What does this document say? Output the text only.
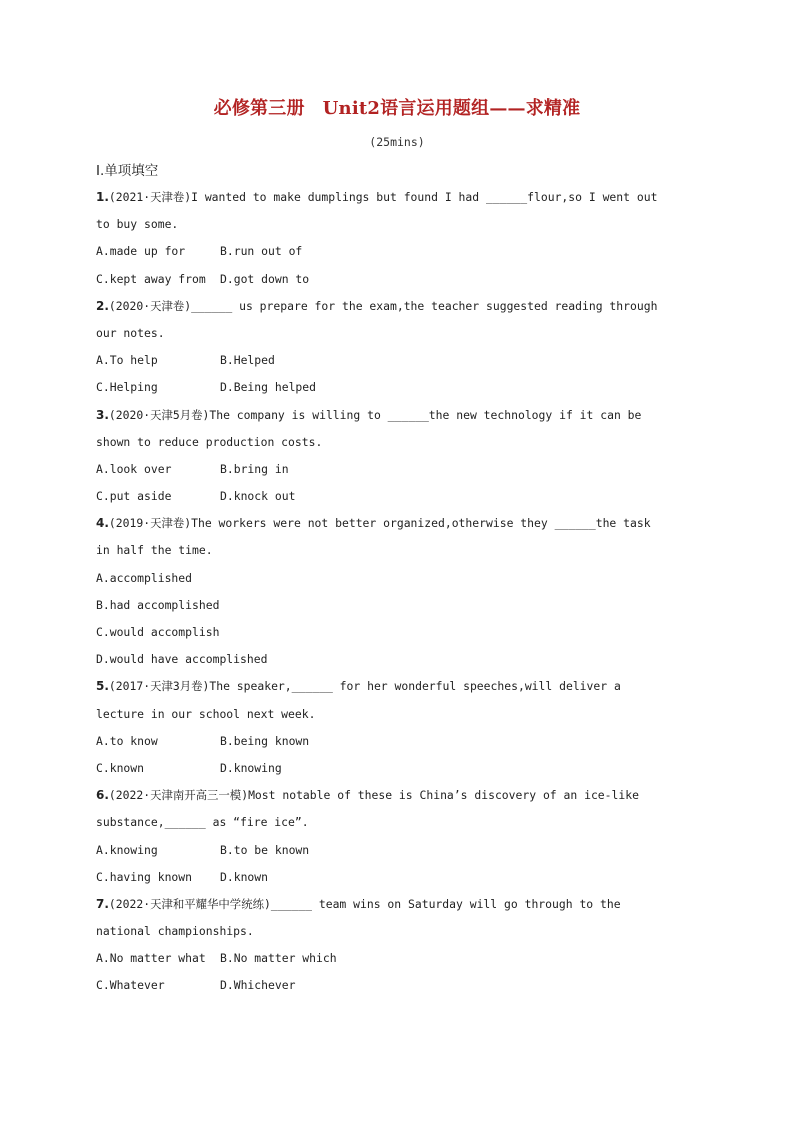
必修第三册 Unit2语言运用题组——求精准
(25mins)
Ⅰ.单项填空
1.(2021·天津卷)I wanted to make dumplings but found I had ______flour,so I went out
to buy some.
A.made up for	B.run out of
C.kept away from	D.got down to
2.(2020·天津卷)______ us prepare for the exam,the teacher suggested reading through
our notes.
A.To help	B.Helped
C.Helping	D.Being helped
3.(2020·天津5月卷)The company is willing to ______the new technology if it can be
shown to reduce production costs.
A.look over	B.bring in
C.put aside	D.knock out
4.(2019·天津卷)The workers were not better organized,otherwise they ______the task
in half the time.
A.accomplished
B.had accomplished
C.would accomplish
D.would have accomplished
5.(2017·天津3月卷)The speaker,______ for her wonderful speeches,will deliver a
lecture in our school next week.
A.to know	B.being known
C.known	D.knowing
6.(2022·天津南开高三一模)Most notable of these is China’s discovery of an ice-like
substance,______ as “fire ice”.
A.knowing	B.to be known
C.having known	D.known
7.(2022·天津和平耀华中学统练)______ team wins on Saturday will go through to the
national championships.
A.No matter what	B.No matter which
C.Whatever	D.Whichever
